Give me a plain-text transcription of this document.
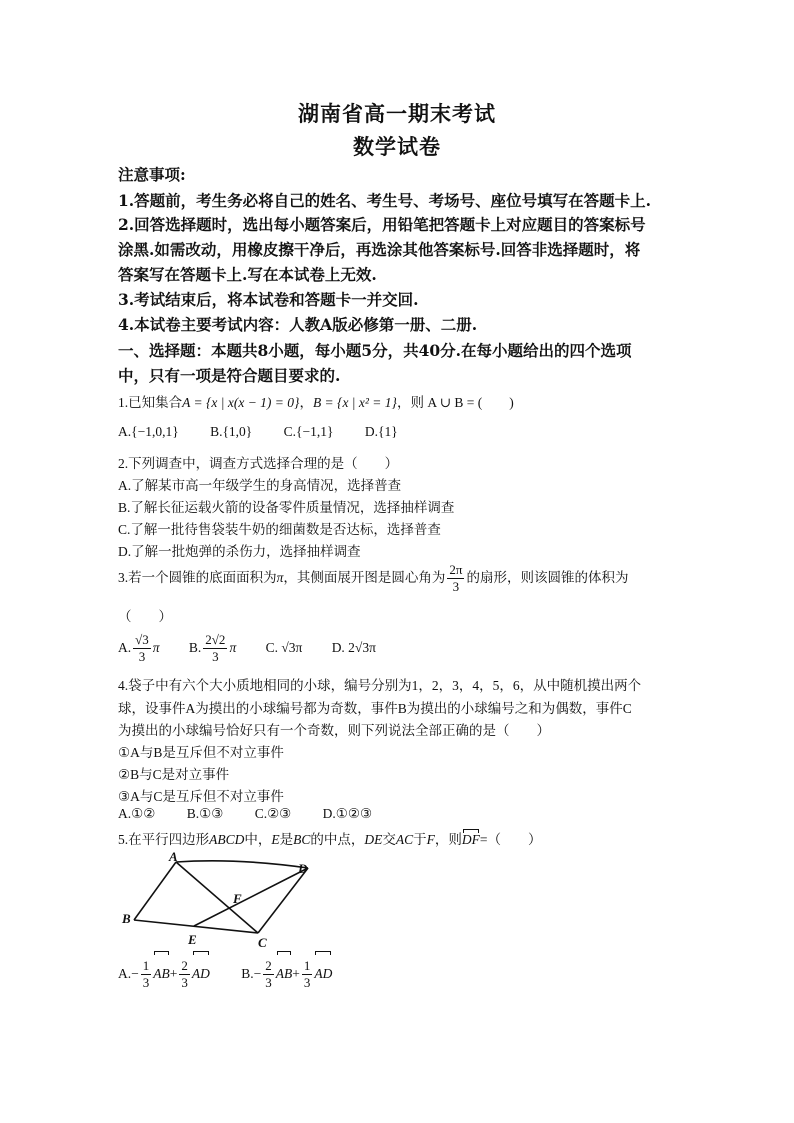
湖南省高一期末考试
数学试卷
注意事项:
1.答题前，考生务必将自己的姓名、考生号、考场号、座位号填写在答题卡上.
2.回答选择题时，选出每小题答案后，用铅笔把答题卡上对应题目的答案标号
涂黑.如需改动，用橡皮擦干净后，再选涂其他答案标号.回答非选择题时，将
答案写在答题卡上.写在本试卷上无效.
3.考试结束后，将本试卷和答题卡一并交回.
4.本试卷主要考试内容：人教A版必修第一册、二册.
一、选择题：本题共8小题，每小题5分，共40分.在每小题给出的四个选项
中，只有一项是符合题目要求的.
1.已知集合A = {x | x(x − 1) = 0}，B = {x | x² = 1}，则 A ∪ B = (　　)
A.{−1,0,1} B.{1,0} C.{−1,1} D.{1}
2.下列调查中，调查方式选择合理的是（　　）
A.了解某市高一年级学生的身高情况，选择普查
B.了解长征运载火箭的设备零件质量情况，选择抽样调查
C.了解一批待售袋装牛奶的细菌数是否达标，选择普查
D.了解一批炮弹的杀伤力，选择抽样调查
3.若一个圆锥的底面面积为π，其侧面展开图是圆心角为 $\frac{2\pi}{3}$ 的扇形，则该圆锥的体积为
（　　）
A. $\frac{√3}{3}$ π B. $\frac{2√2}{3}$ π C. √3π D. 2√3π
4.袋子中有六个大小质地相同的小球，编号分别为1，2，3，4，5，6，从中随机摸出两个
球，设事件A为摸出的小球编号都为奇数，事件B为摸出的小球编号之和为偶数，事件C
为摸出的小球编号恰好只有一个奇数，则下列说法全部正确的是（　　）
①A与B是互斥但不对立事件
②B与C是对立事件
③A与C是互斥但不对立事件
A.①② B.①③ C.②③ D.①②③
5.在平行四边形ABCD中，E是BC的中点，DE交AC于F，则DF=（　　）
A
B
C
D
E
F
$A.- \frac{1}{3} AB+ \frac{2}{3}$ AD $B.- \frac{2}{3} AB+ \frac{1}{3}$ AD
